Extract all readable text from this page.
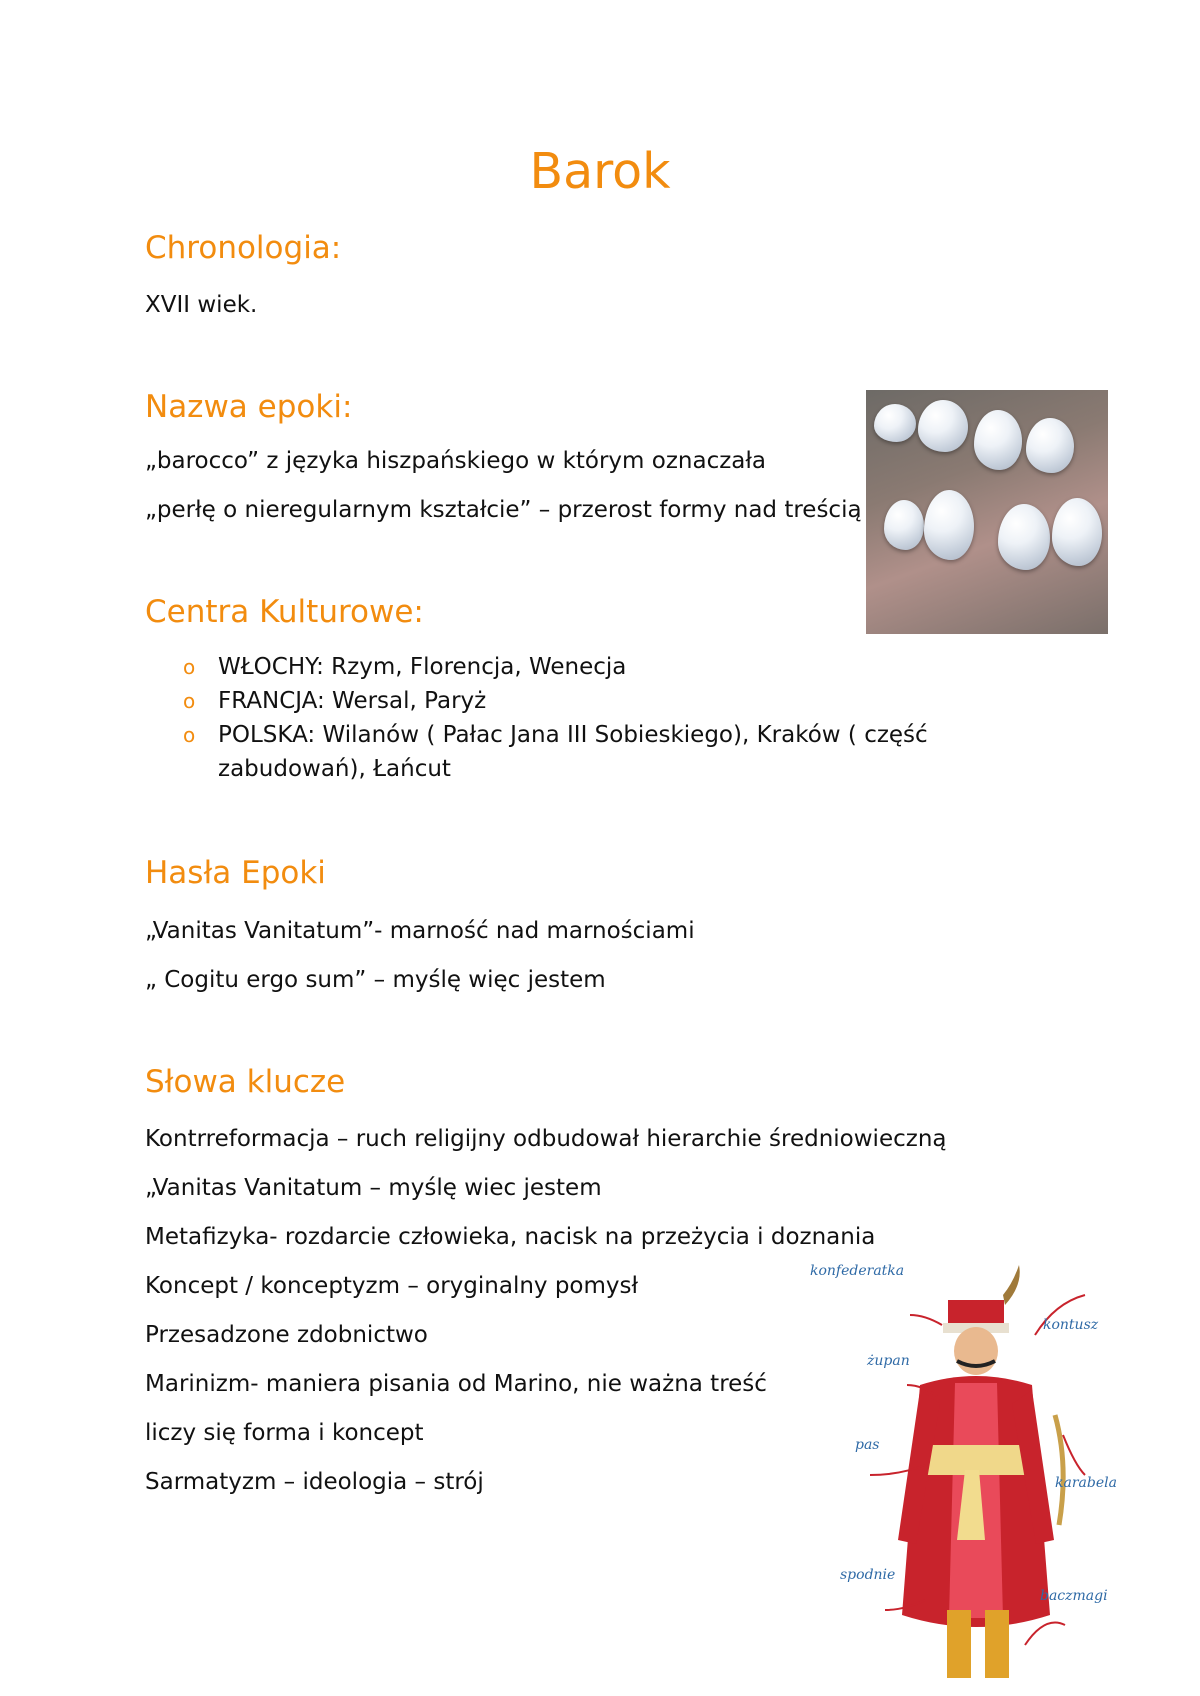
Barok
Chronologia:

XVII wiek.

Nazwa epoki:

„barocco” z języka hiszpańskiego w którym oznaczała

„perłę o nieregularnym kształcie” – przerost formy nad treścią

Centra Kulturowe:
o WŁOCHY: Rzym, Florencja, Wenecja
o FRANCJA: Wersal, Paryż
o POLSKA: Wilanów ( Pałac Jana III Sobieskiego), Kraków ( część
zabudowań), Łańcut
Hasła Epoki

„Vanitas Vanitatum”- marność nad marnościami

„ Cogitu ergo sum” – myślę więc jestem

Słowa klucze

Kontrreformacja – ruch religijny odbudował hierarchie średniowieczną

„Vanitas Vanitatum – myślę wiec jestem

Metafizyka- rozdarcie człowieka, nacisk na przeżycia i doznania

Koncept / konceptyzm – oryginalny pomysł

Przesadzone zdobnictwo

Marinizm- maniera pisania od Marino, nie ważna treść

liczy się forma i koncept

Sarmatyzm – ideologia – strój

konfederatka
kontusz
żupan
pas
karabela
spodnie
baczmagi
